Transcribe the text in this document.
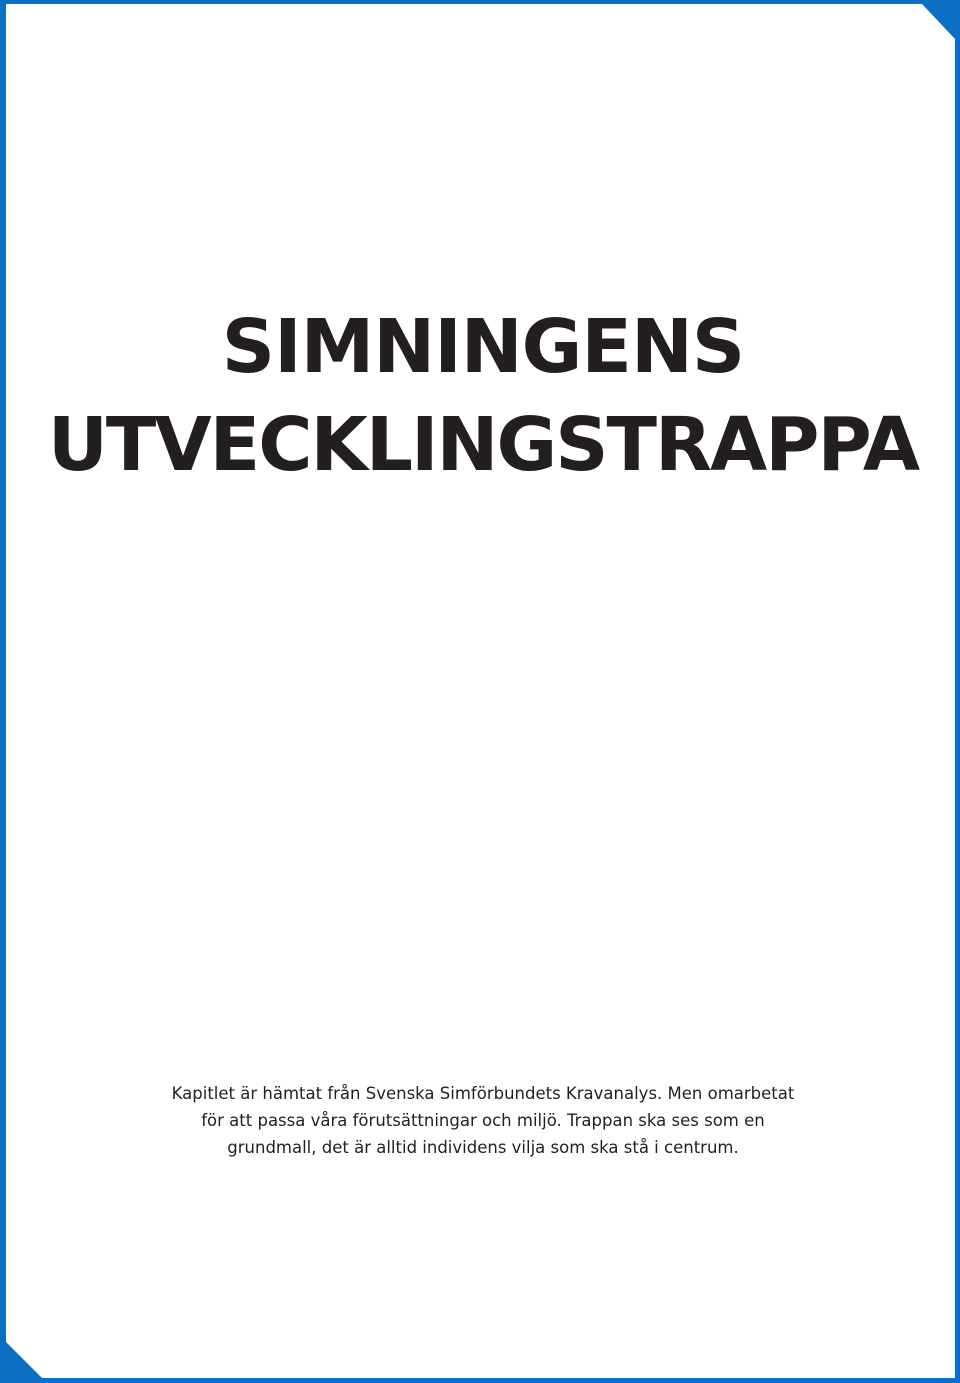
SIMNINGENS
UTVECKLINGSTRAPPA

Kapitlet är hämtat från Svenska Simförbundets Kravanalys. Men omarbetat
för att passa våra förutsättningar och miljö. Trappan ska ses som en
grundmall, det är alltid individens vilja som ska stå i centrum.
